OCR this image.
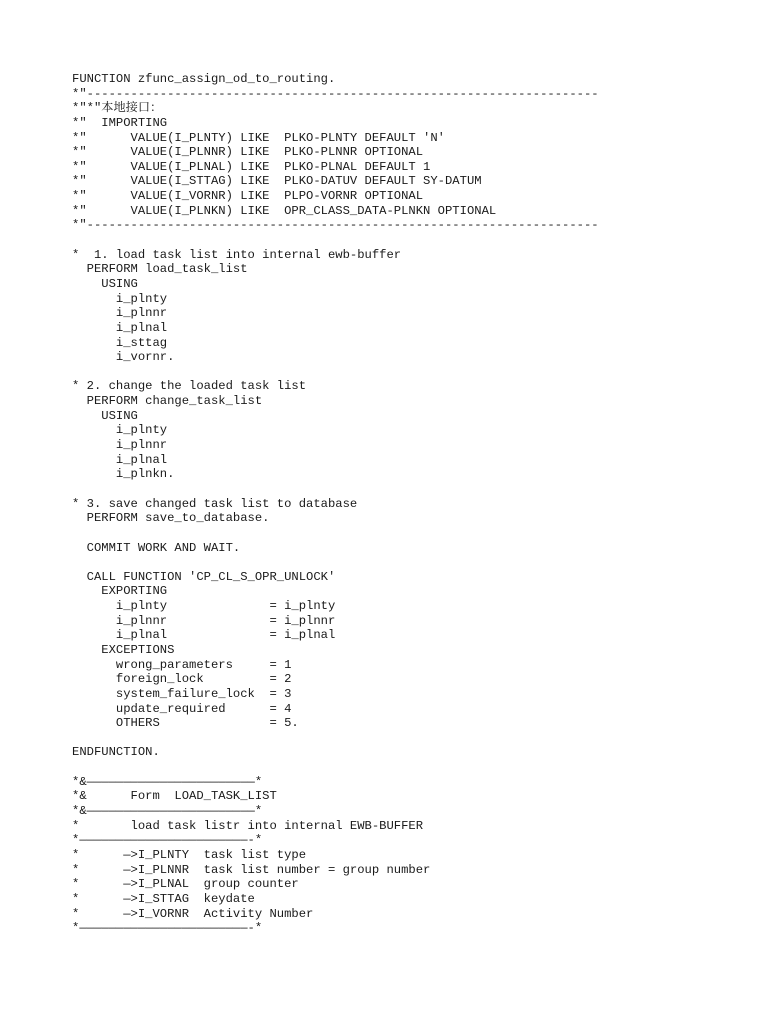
FUNCTION zfunc_assign_od_to_routing.
*"----------------------------------------------------------------------
*"*"本地接口：
*"  IMPORTING
*"      VALUE(I_PLNTY) LIKE  PLKO-PLNTY DEFAULT 'N'
*"      VALUE(I_PLNNR) LIKE  PLKO-PLNNR OPTIONAL
*"      VALUE(I_PLNAL) LIKE  PLKO-PLNAL DEFAULT 1
*"      VALUE(I_STTAG) LIKE  PLKO-DATUV DEFAULT SY-DATUM
*"      VALUE(I_VORNR) LIKE  PLPO-VORNR OPTIONAL
*"      VALUE(I_PLNKN) LIKE  OPR_CLASS_DATA-PLNKN OPTIONAL
*"----------------------------------------------------------------------
*  1. load task list into internal ewb-buffer
PERFORM load_task_list
USING
i_plnty
i_plnnr
i_plnal
i_sttag
i_vornr.
* 2. change the loaded task list
PERFORM change_task_list
USING
i_plnty
i_plnnr
i_plnal
i_plnkn.
* 3. save changed task list to database
PERFORM save_to_database.
COMMIT WORK AND WAIT.
CALL FUNCTION 'CP_CL_S_OPR_UNLOCK'
EXPORTING
i_plnty              = i_plnty
i_plnnr              = i_plnnr
i_plnal              = i_plnal
EXCEPTIONS
wrong_parameters     = 1
foreign_lock         = 2
system_failure_lock  = 3
update_required      = 4
OTHERS               = 5.
ENDFUNCTION.
*&———————————————————————*
*&      Form  LOAD_TASK_LIST
*&———————————————————————*
*       load task listr into internal EWB-BUFFER
*———————————————————————-*
*      —>I_PLNTY  task list type
*      —>I_PLNNR  task list number = group number
*      —>I_PLNAL  group counter
*      —>I_STTAG  keydate
*      —>I_VORNR  Activity Number
*———————————————————————-*
